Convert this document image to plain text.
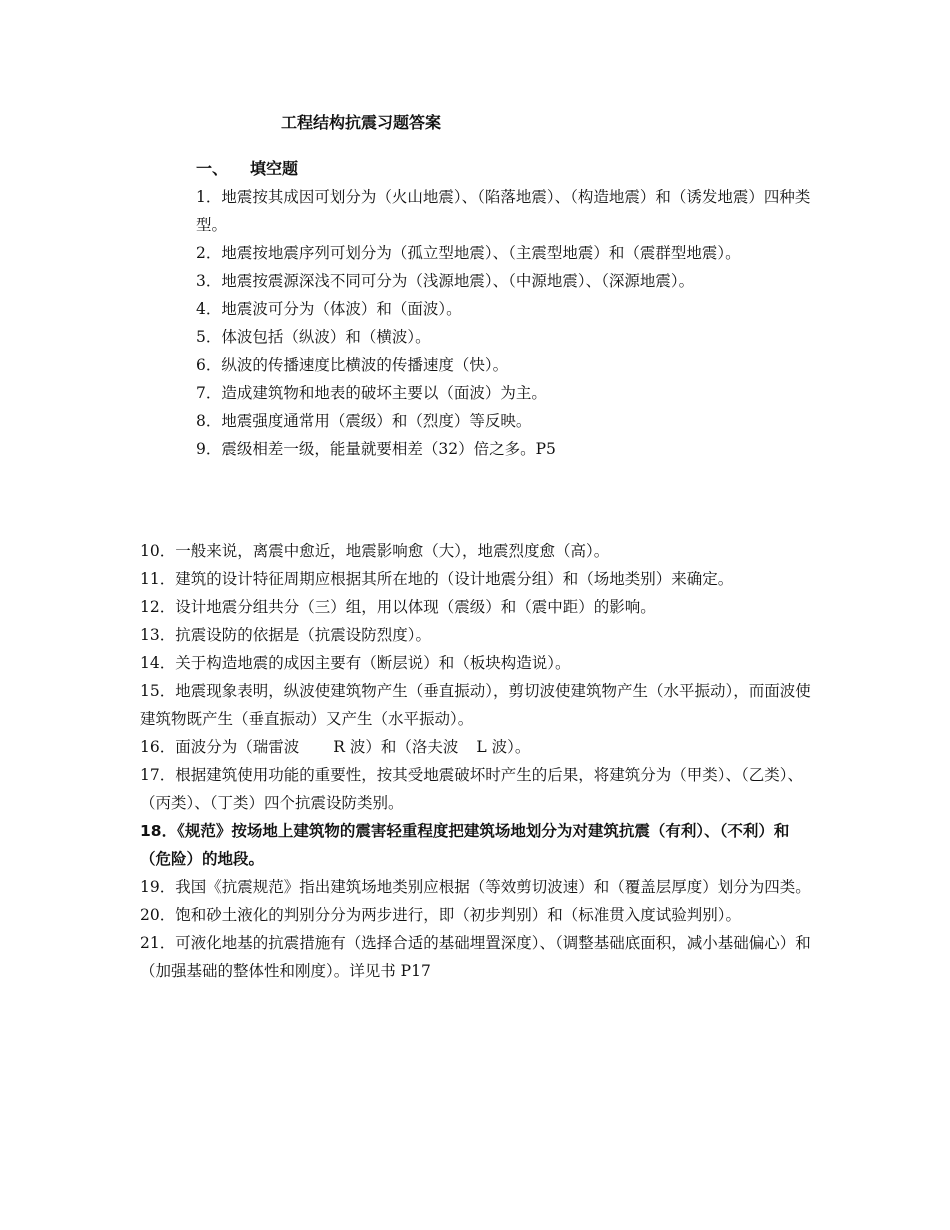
工程结构抗震习题答案
一、 填空题

1．地震按其成因可划分为（火山地震）、（陷落地震）、（构造地震）和（诱发地震）四种类型。

2．地震按地震序列可划分为（孤立型地震）、（主震型地震）和（震群型地震）。

3．地震按震源深浅不同可分为（浅源地震）、（中源地震）、（深源地震）。

4．地震波可分为（体波）和（面波）。

5．体波包括（纵波）和（横波）。

6．纵波的传播速度比横波的传播速度（快）。

7．造成建筑物和地表的破坏主要以（面波）为主。

8．地震强度通常用（震级）和（烈度）等反映。

9．震级相差一级，能量就要相差（32）倍之多。P5

10．一般来说，离震中愈近，地震影响愈（大），地震烈度愈（高）。

11．建筑的设计特征周期应根据其所在地的（设计地震分组）和（场地类别）来确定。

12．设计地震分组共分（三）组，用以体现（震级）和（震中距）的影响。

13．抗震设防的依据是（抗震设防烈度）。

14．关于构造地震的成因主要有（断层说）和（板块构造说）。

15．地震现象表明，纵波使建筑物产生（垂直振动），剪切波使建筑物产生（水平振动），而面波使建筑物既产生（垂直振动）又产生（水平振动）。

16．面波分为（瑞雷波 R 波）和（洛夫波 L 波）。

17．根据建筑使用功能的重要性，按其受地震破坏时产生的后果，将建筑分为（甲类）、（乙类）、（丙类）、（丁类）四个抗震设防类别。

18．《规范》按场地上建筑物的震害轻重程度把建筑场地划分为对建筑抗震（有利）、（不利）和（危险）的地段。

19．我国《抗震规范》指出建筑场地类别应根据（等效剪切波速）和（覆盖层厚度）划分为四类。

20．饱和砂土液化的判别分分为两步进行，即（初步判别）和（标准贯入度试验判别）。

21．可液化地基的抗震措施有（选择合适的基础埋置深度）、（调整基础底面积，减小基础偏心）和（加强基础的整体性和刚度）。详见书 P17
